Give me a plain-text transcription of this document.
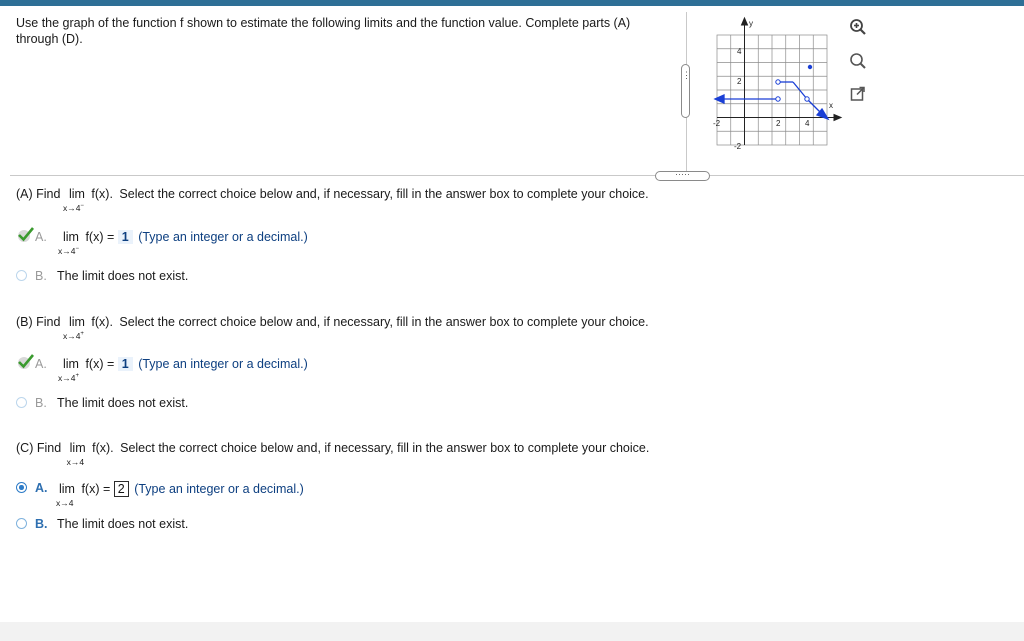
Use the graph of the function f shown to estimate the following limits and the function value. Complete parts (A) through (D).
⋮
y
x
-2	2	4
4
2
-2
·····
(A) Find lim
x→4−
f(x). Select the correct choice below and, if necessary, fill in the answer box to complete your choice.
A. lim
x→4−
f(x) = 1 (Type an integer or a decimal.)
B. The limit does not exist.
(B) Find lim
x→4+
f(x). Select the correct choice below and, if necessary, fill in the answer box to complete your choice.
A. lim
x→4+
f(x) = 1 (Type an integer or a decimal.)
B. The limit does not exist.
(C) Find lim
x→4
f(x). Select the correct choice below and, if necessary, fill in the answer box to complete your choice.
A. lim
x→4
f(x) = 2 (Type an integer or a decimal.)
B. The limit does not exist.
